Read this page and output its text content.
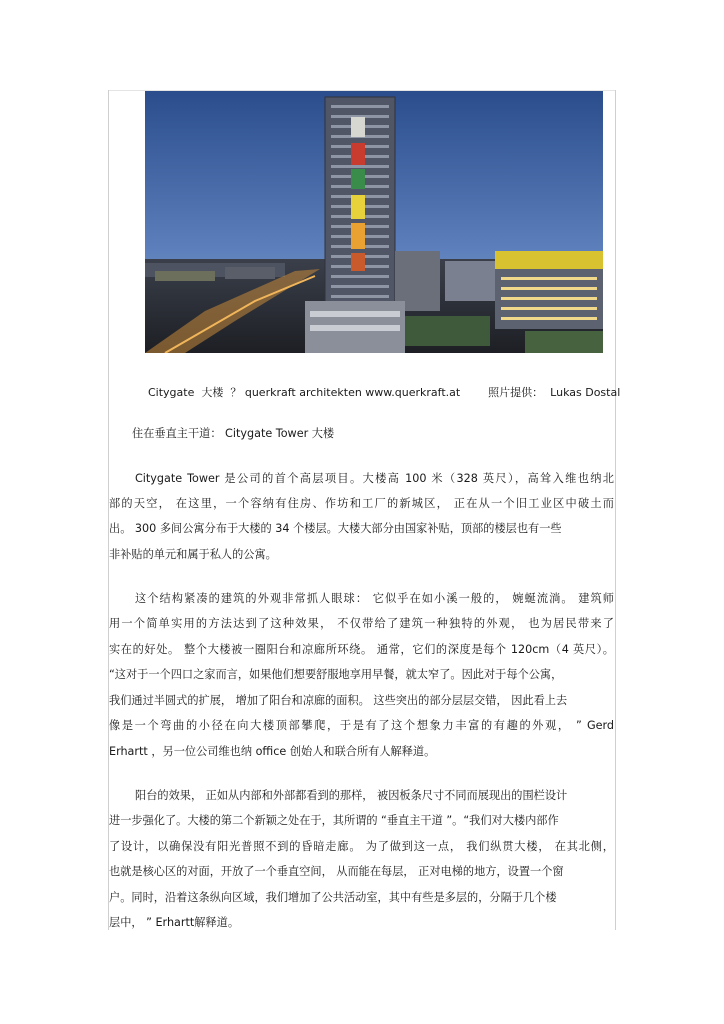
Citygate  大楼  ？ querkraft architekten www.querkraft.at        照片提供：  Lukas Dostal
住在垂直主干道： Citygate Tower 大楼
Citygate Tower 是公司的首个高层项目。大楼高 100 米（328 英尺），高耸入维也纳北
部的天空， 在这里，一个容纳有住房、作坊和工厂的新城区， 正在从一个旧工业区中破土而
出。 300 多间公寓分布于大楼的 34 个楼层。大楼大部分由国家补贴，顶部的楼层也有一些
非补贴的单元和属于私人的公寓。
这个结构紧凑的建筑的外观非常抓人眼球： 它似乎在如小溪一般的， 婉蜒流淌。 建筑师
用一个简单实用的方法达到了这种效果， 不仅带给了建筑一种独特的外观， 也为居民带来了
实在的好处。 整个大楼被一圈阳台和凉廊所环绕。 通常，它们的深度是每个 120cm（4 英尺）。
“这对于一个四口之家而言，如果他们想要舒服地享用早餐，就太窄了。因此对于每个公寓，
我们通过半圆式的扩展， 增加了阳台和凉廊的面积。 这些突出的部分层层交错， 因此看上去
像是一个弯曲的小径在向大楼顶部攀爬，于是有了这个想象力丰富的有趣的外观， ” Gerd
Erhartt ，另一位公司维也纳 office 创始人和联合所有人解释道。
阳台的效果， 正如从内部和外部都看到的那样， 被因板条尺寸不同而展现出的围栏设计
进一步强化了。大楼的第二个新颖之处在于，其所谓的 “垂直主干道 ”。“我们对大楼内部作
了设计，以确保没有阳光普照不到的昏暗走廊。 为了做到这一点， 我们纵贯大楼， 在其北侧，
也就是核心区的对面，开放了一个垂直空间， 从而能在每层， 正对电梯的地方，设置一个窗
户。同时，沿着这条纵向区域，我们增加了公共活动室，其中有些是多层的，分隔于几个楼
层中， ” Erhartt解释道。
